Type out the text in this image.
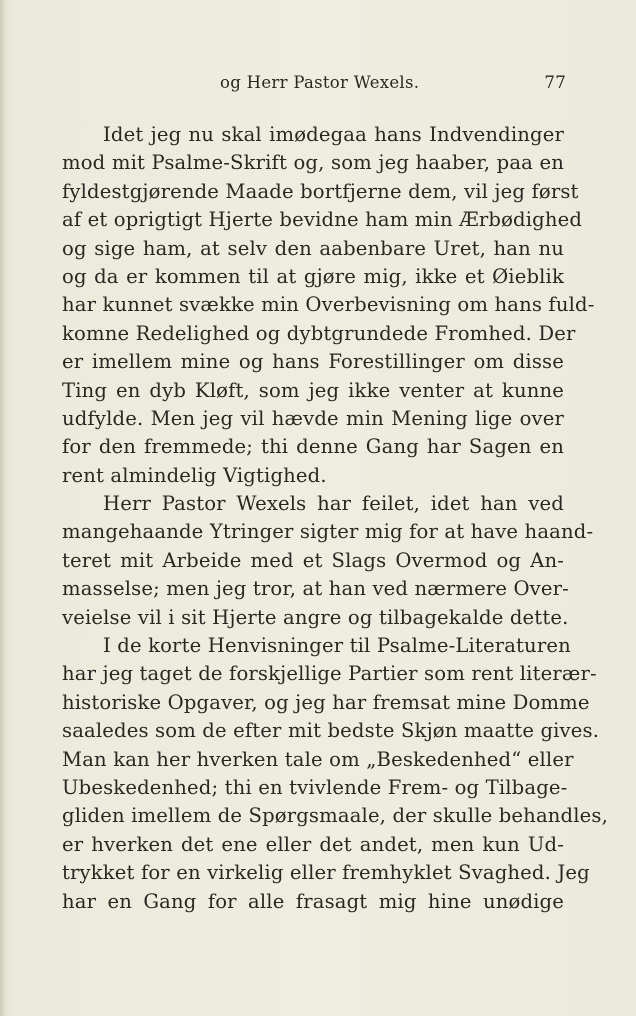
og Herr Pastor Wexels.	77
Idet jeg nu skal imødegaa hans Indvendinger
mod mit Psalme-Skrift og, som jeg haaber, paa en
fyldestgjørende Maade bortfjerne dem, vil jeg først
af et oprigtigt Hjerte bevidne ham min Ærbødighed
og sige ham, at selv den aabenbare Uret, han nu
og da er kommen til at gjøre mig, ikke et Øieblik
har kunnet svække min Overbevisning om hans fuld-
komne Redelighed og dybtgrundede Fromhed. Der
er imellem mine og hans Forestillinger om disse
Ting en dyb Kløft, som jeg ikke venter at kunne
udfylde. Men jeg vil hævde min Mening lige over
for den fremmede; thi denne Gang har Sagen en
rent almindelig Vigtighed.
Herr Pastor Wexels har feilet, idet han ved
mangehaande Ytringer sigter mig for at have haand-
teret mit Arbeide med et Slags Overmod og An-
masselse; men jeg tror, at han ved nærmere Over-
veielse vil i sit Hjerte angre og tilbagekalde dette.
I de korte Henvisninger til Psalme-Literaturen
har jeg taget de forskjellige Partier som rent literær-
historiske Opgaver, og jeg har fremsat mine Domme
saaledes som de efter mit bedste Skjøn maatte gives.
Man kan her hverken tale om „Beskedenhed“ eller
Ubeskedenhed; thi en tvivlende Frem- og Tilbage-
gliden imellem de Spørgsmaale, der skulle behandles,
er hverken det ene eller det andet, men kun Ud-
trykket for en virkelig eller fremhyklet Svaghed. Jeg
har en Gang for alle frasagt mig hine unødige
